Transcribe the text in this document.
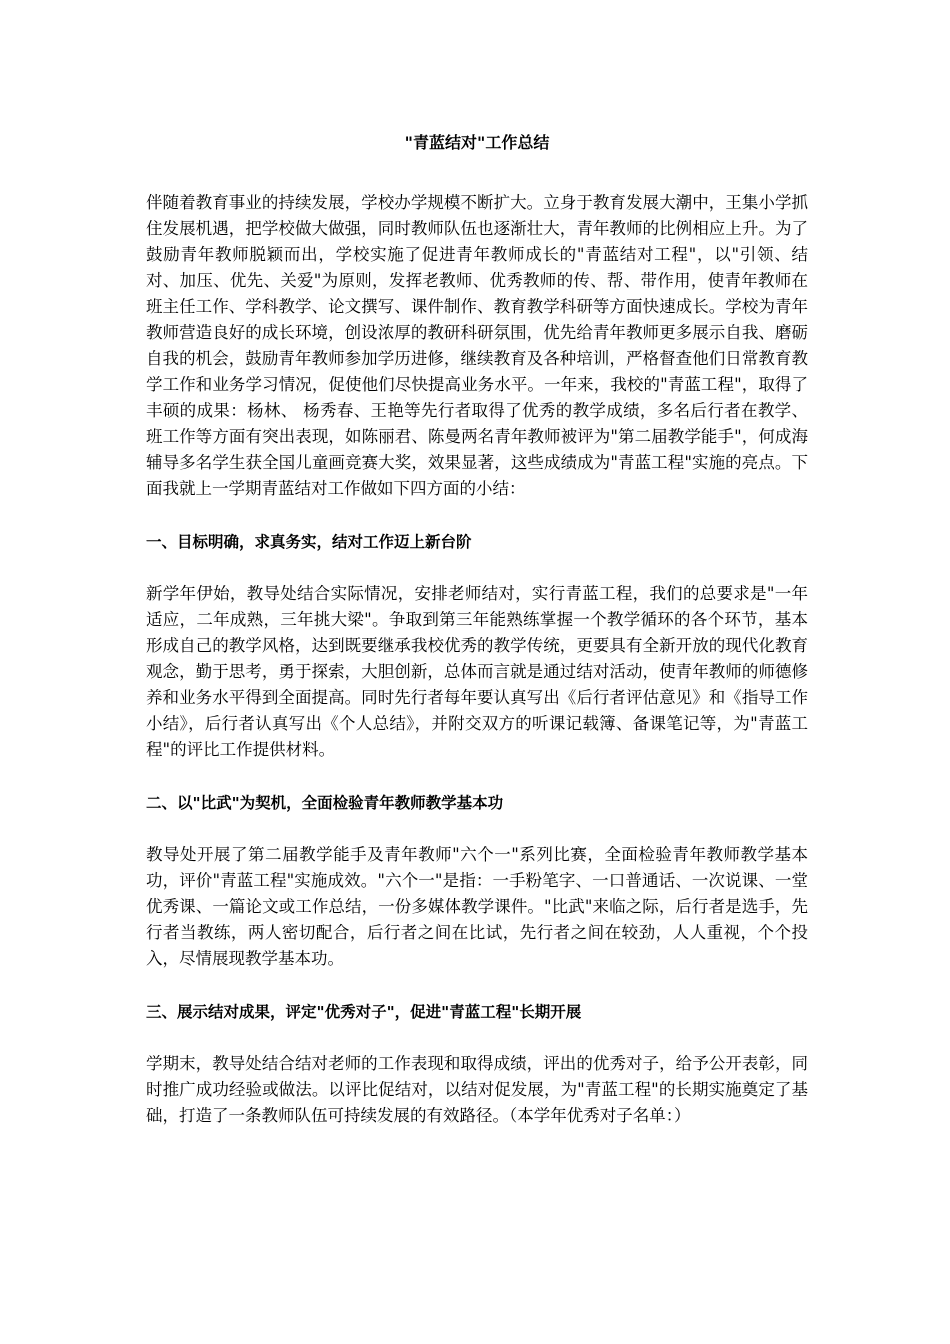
"青蓝结对"工作总结

伴随着教育事业的持续发展，学校办学规模不断扩大。立身于教育发展大潮中，王集小学抓住发展机遇，把学校做大做强，同时教师队伍也逐渐壮大，青年教师的比例相应上升。为了鼓励青年教师脱颖而出，学校实施了促进青年教师成长的"青蓝结对工程"，以"引领、结对、加压、优先、关爱"为原则，发挥老教师、优秀教师的传、帮、带作用，使青年教师在班主任工作、学科教学、论文撰写、课件制作、教育教学科研等方面快速成长。学校为青年教师营造良好的成长环境，创设浓厚的教研科研氛围，优先给青年教师更多展示自我、磨砺自我的机会，鼓励青年教师参加学历进修，继续教育及各种培训，严格督查他们日常教育教学工作和业务学习情况，促使他们尽快提高业务水平。一年来，我校的"青蓝工程"，取得了丰硕的成果：杨林、 杨秀春、王艳等先行者取得了优秀的教学成绩，多名后行者在教学、班工作等方面有突出表现，如陈丽君、陈曼两名青年教师被评为"第二届教学能手"，何成海辅导多名学生获全国儿童画竞赛大奖，效果显著，这些成绩成为"青蓝工程"实施的亮点。下面我就上一学期青蓝结对工作做如下四方面的小结：

一、目标明确，求真务实，结对工作迈上新台阶

新学年伊始，教导处结合实际情况，安排老师结对，实行青蓝工程，我们的总要求是"一年适应，二年成熟，三年挑大梁"。争取到第三年能熟练掌握一个教学循环的各个环节，基本形成自己的教学风格，达到既要继承我校优秀的教学传统，更要具有全新开放的现代化教育观念，勤于思考，勇于探索，大胆创新，总体而言就是通过结对活动，使青年教师的师德修养和业务水平得到全面提高。同时先行者每年要认真写出《后行者评估意见》和《指导工作小结》，后行者认真写出《个人总结》，并附交双方的听课记载簿、备课笔记等，为"青蓝工程"的评比工作提供材料。

二、以"比武"为契机，全面检验青年教师教学基本功

教导处开展了第二届教学能手及青年教师"六个一"系列比赛，全面检验青年教师教学基本功，评价"青蓝工程"实施成效。"六个一"是指：一手粉笔字、一口普通话、一次说课、一堂优秀课、一篇论文或工作总结，一份多媒体教学课件。"比武"来临之际，后行者是选手，先行者当教练，两人密切配合，后行者之间在比试，先行者之间在较劲，人人重视，个个投入，尽情展现教学基本功。

三、展示结对成果，评定"优秀对子"，促进"青蓝工程"长期开展

学期末，教导处结合结对老师的工作表现和取得成绩，评出的优秀对子，给予公开表彰，同时推广成功经验或做法。以评比促结对，以结对促发展，为"青蓝工程"的长期实施奠定了基础，打造了一条教师队伍可持续发展的有效路径。（本学年优秀对子名单：）
